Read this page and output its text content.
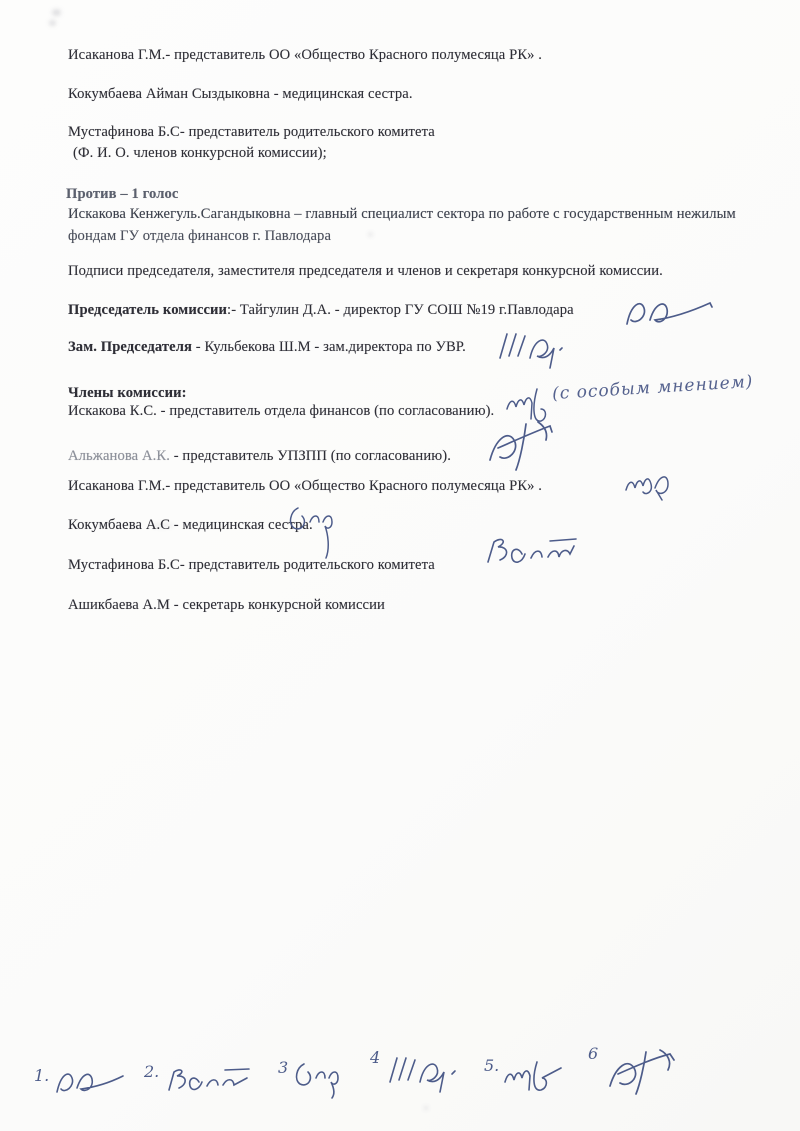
Исаканова Г.М.- представитель ОО «Общество Красного полумесяца РК» .
Кокумбаева Айман Сыздыковна - медицинская сестра.
Мустафинова Б.С- представитель родительского комитета
(Ф. И. О. членов конкурсной комиссии);
Против – 1 голос
Искакова Кенжегуль.Сагандыковна – главный специалист сектора по работе с государственным нежилым
фондам ГУ отдела финансов г. Павлодара
Подписи председателя, заместителя председателя и членов и секретаря конкурсной комиссии.
Председатель комиссии:- Тайгулин Д.А. - директор ГУ СОШ №19 г.Павлодара
Зам. Председателя - Кульбекова Ш.М - зам.директора по УВР.
Члены комиссии:
Искакова К.С. - представитель отдела финансов (по согласованию).
(с особым мнением)
Альжанова А.К. - представитель УПЗПП (по согласованию).
Исаканова Г.М.- представитель ОО «Общество Красного полумесяца РК» .
Кокумбаева А.С - медицинская сестра.
Мустафинова Б.С- представитель родительского комитета
Ашикбаева А.М - секретарь конкурсной комиссии
1.	2.	3
4	5.
6
